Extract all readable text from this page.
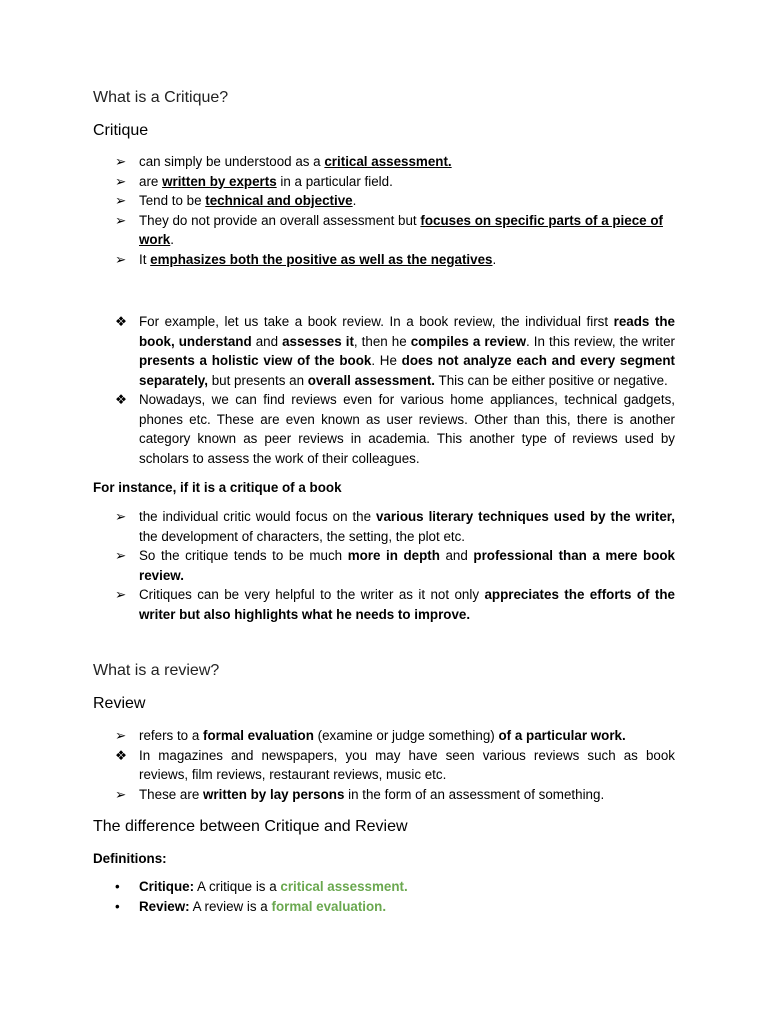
What is a Critique?
Critique
➢ can simply be understood as a critical assessment.
➢ are written by experts in a particular field.
➢ Tend to be technical and objective.
➢ They do not provide an overall assessment but focuses on specific parts of a piece of work.
➢ It emphasizes both the positive as well as the negatives.
❖ For example, let us take a book review. In a book review, the individual first reads the book, understand and assesses it, then he compiles a review. In this review, the writer presents a holistic view of the book. He does not analyze each and every segment separately, but presents an overall assessment. This can be either positive or negative.
❖ Nowadays, we can find reviews even for various home appliances, technical gadgets, phones etc. These are even known as user reviews. Other than this, there is another category known as peer reviews in academia. This another type of reviews used by scholars to assess the work of their colleagues.
For instance, if it is a critique of a book
➢ the individual critic would focus on the various literary techniques used by the writer, the development of characters, the setting, the plot etc.
➢ So the critique tends to be much more in depth and professional than a mere book review.
➢ Critiques can be very helpful to the writer as it not only appreciates the efforts of the writer but also highlights what he needs to improve.
What is a review?
Review
➢ refers to a formal evaluation (examine or judge something) of a particular work.
❖ In magazines and newspapers, you may have seen various reviews such as book reviews, film reviews, restaurant reviews, music etc.
➢ These are written by lay persons in the form of an assessment of something.
The difference between Critique and Review
Definitions:
•	Critique: A critique is a critical assessment.
•	Review: A review is a formal evaluation.
